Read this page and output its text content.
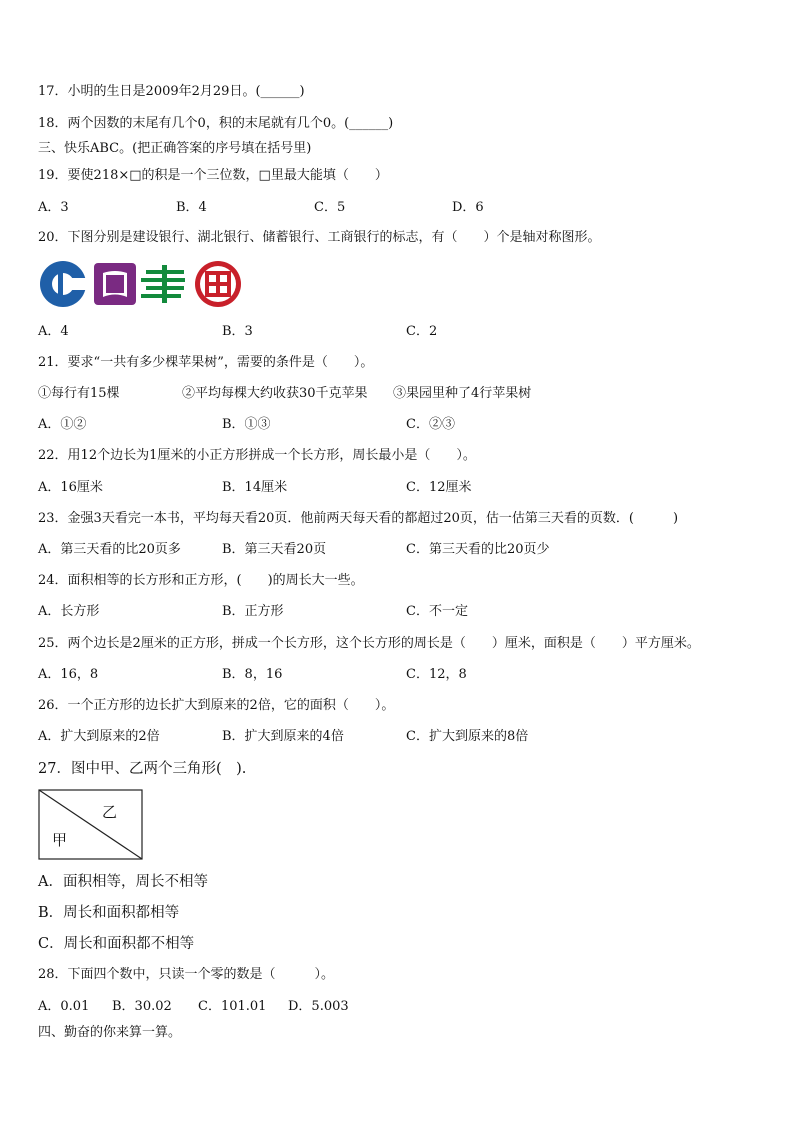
17．小明的生日是2009年2月29日。(______)
18．两个因数的末尾有几个0，积的末尾就有几个0。(______)
三、快乐ABC。(把正确答案的序号填在括号里)
19．要使218×□的积是一个三位数，□里最大能填（　　）
A．3	B．4	C．5	D．6
20．下图分别是建设银行、湖北银行、储蓄银行、工商银行的标志，有（　　）个是轴对称图形。
A．4	B．3	C．2
21．要求“一共有多少棵苹果树”，需要的条件是（　　）。
①每行有15棵	②平均每棵大约收获30千克苹果 ③果园里种了4行苹果树
A．①②	B．①③	C．②③
22．用12个边长为1厘米的小正方形拼成一个长方形，周长最小是（　　）。
A．16厘米	B．14厘米	C．12厘米
23．金强3天看完一本书，平均每天看20页．他前两天每天看的都超过20页，估一估第三天看的页数．(　　　)
A．第三天看的比20页多	B．第三天看20页	C．第三天看的比20页少
24．面积相等的长方形和正方形，(　　)的周长大一些。
A．长方形	B．正方形	C．不一定
25．两个边长是2厘米的正方形，拼成一个长方形，这个长方形的周长是（　　）厘米，面积是（　　）平方厘米。
A．16，8	B．8，16	C．12，8
26．一个正方形的边长扩大到原来的2倍，它的面积（　　）。
A．扩大到原来的2倍	B．扩大到原来的4倍	C．扩大到原来的8倍
27．图中甲、乙两个三角形(　).
乙
甲
A．面积相等，周长不相等
B．周长和面积都相等
C．周长和面积都不相等
28．下面四个数中，只读一个零的数是（　　　）。
A．0.01 B．30.02 C．101.01 D．5.003
四、勤奋的你来算一算。
